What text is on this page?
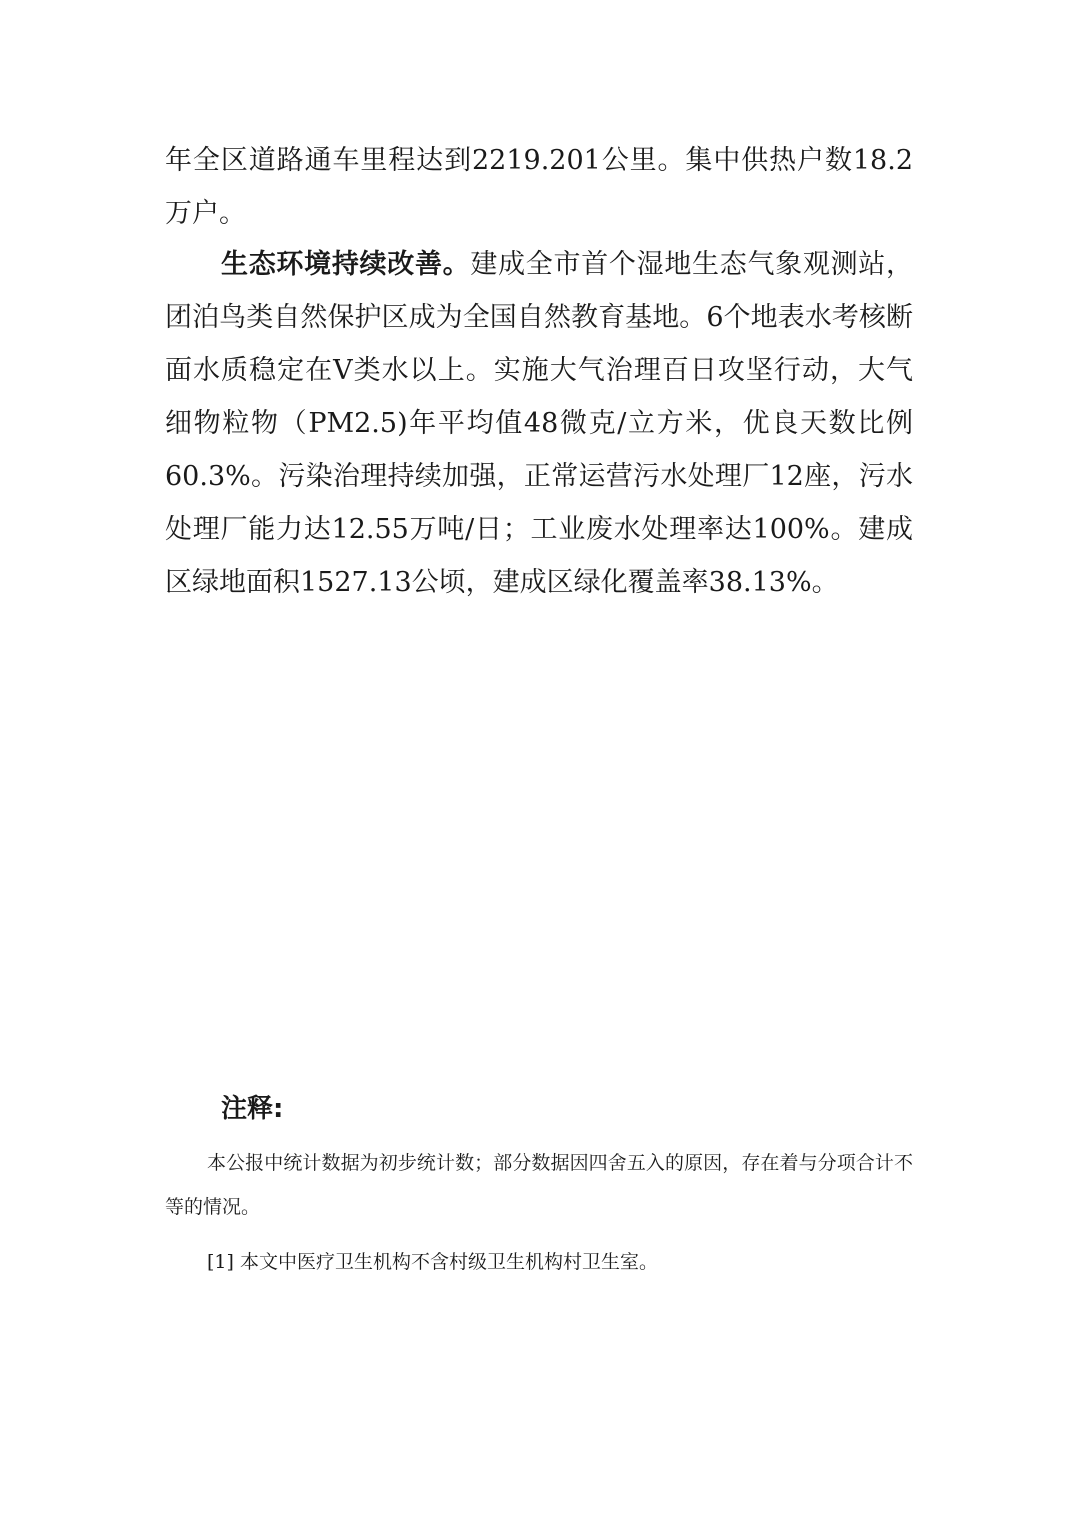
年全区道路通车里程达到2219.201公里。集中供热户数18.2万户。

生态环境持续改善。建成全市首个湿地生态气象观测站，团泊鸟类自然保护区成为全国自然教育基地。6个地表水考核断面水质稳定在Ⅴ类水以上。实施大气治理百日攻坚行动，大气细物粒物（PM2.5)年平均值48微克/立方米，优良天数比例60.3%。污染治理持续加强，正常运营污水处理厂12座，污水处理厂能力达12.55万吨/日；工业废水处理率达100%。建成区绿地面积1527.13公顷，建成区绿化覆盖率38.13%。

注释:

本公报中统计数据为初步统计数；部分数据因四舍五入的原因，存在着与分项合计不等的情况。

[1] 本文中医疗卫生机构不含村级卫生机构村卫生室。
